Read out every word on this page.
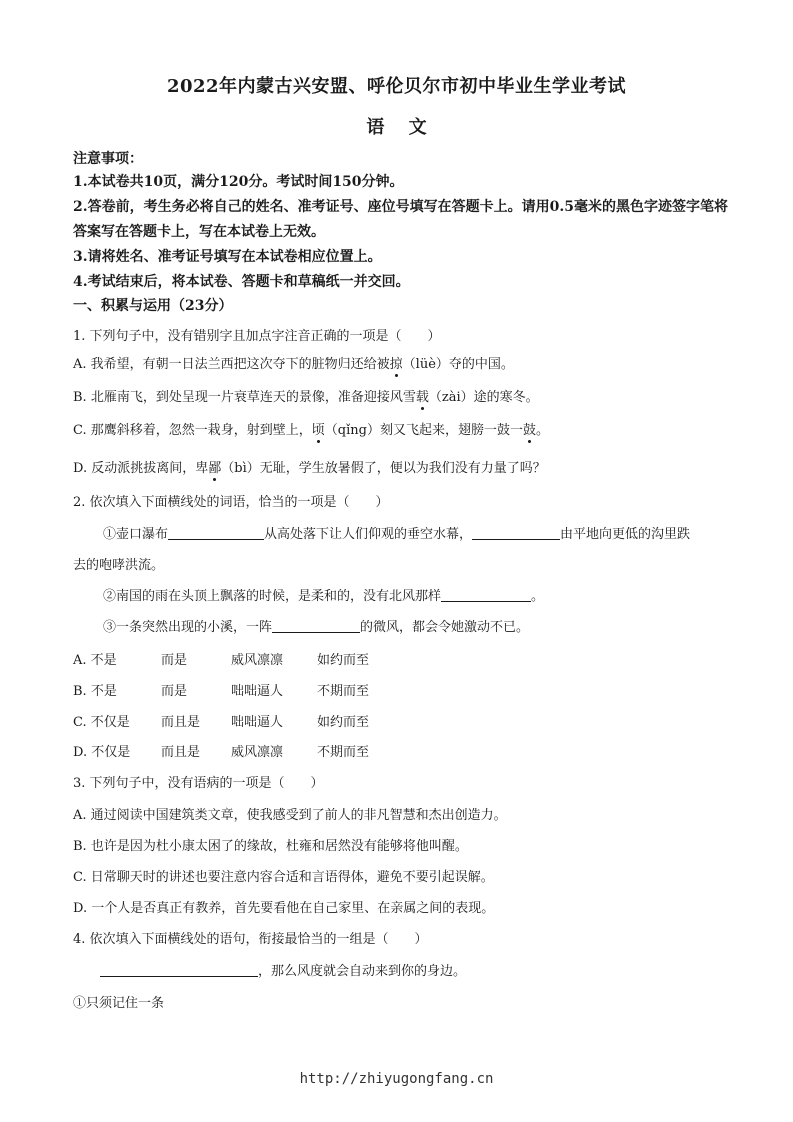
2022年内蒙古兴安盟、呼伦贝尔市初中毕业生学业考试
语 文
注意事项：
1.本试卷共10页，满分120分。考试时间150分钟。
2.答卷前，考生务必将自己的姓名、准考证号、座位号填写在答题卡上。请用0.5毫米的黑色字迹签字笔将答案写在答题卡上，写在本试卷上无效。
3.请将姓名、准考证号填写在本试卷相应位置上。
4.考试结束后，将本试卷、答题卡和草稿纸一并交回。
一、积累与运用（23分）
1. 下列句子中，没有错别字且加点字注音正确的一项是（　　）
A. 我希望，有朝一日法兰西把这次夺下的脏物归还给被掠（lüè）夺的中国。
B. 北雁南飞，到处呈现一片衰草连天的景像，准备迎接风雪载（zài）途的寒冬。
C. 那鹰斜移着，忽然一栽身，射到壁上，顷（qǐng）刻又飞起来，翅膀一鼓一鼓。
D. 反动派挑拔离间，卑鄙（bì）无耻，学生放暑假了，便以为我们没有力量了吗？
2. 依次填入下面横线处的词语，恰当的一项是（　　）
①壶口瀑布	从高处落下让人们仰观的垂空水幕，	由平地向更低的沟里跌
去的咆哮洪流。
②南国的雨在头顶上飘落的时候，是柔和的，没有北风那样	。
③一条突然出现的小溪，一阵	的微风，都会令她激动不已。
A. 不是	而是	威风凛凛	如约而至
B. 不是	而是	咄咄逼人	不期而至
C. 不仅是 而且是 咄咄逼人	如约而至
D. 不仅是 而且是 威风凛凛	不期而至
3. 下列句子中，没有语病的一项是（　　）
A. 通过阅读中国建筑类文章，使我感受到了前人的非凡智慧和杰出创造力。
B. 也许是因为杜小康太困了的缘故，杜雍和居然没有能够将他叫醒。
C. 日常聊天时的讲述也要注意内容合适和言语得体，避免不要引起误解。
D. 一个人是否真正有教养，首先要看他在自己家里、在亲属之间的表现。
4. 依次填入下面横线处的语句，衔接最恰当的一组是（　　）
，那么风度就会自动来到你的身边。
①只须记住一条
http://zhiyugongfang.cn
